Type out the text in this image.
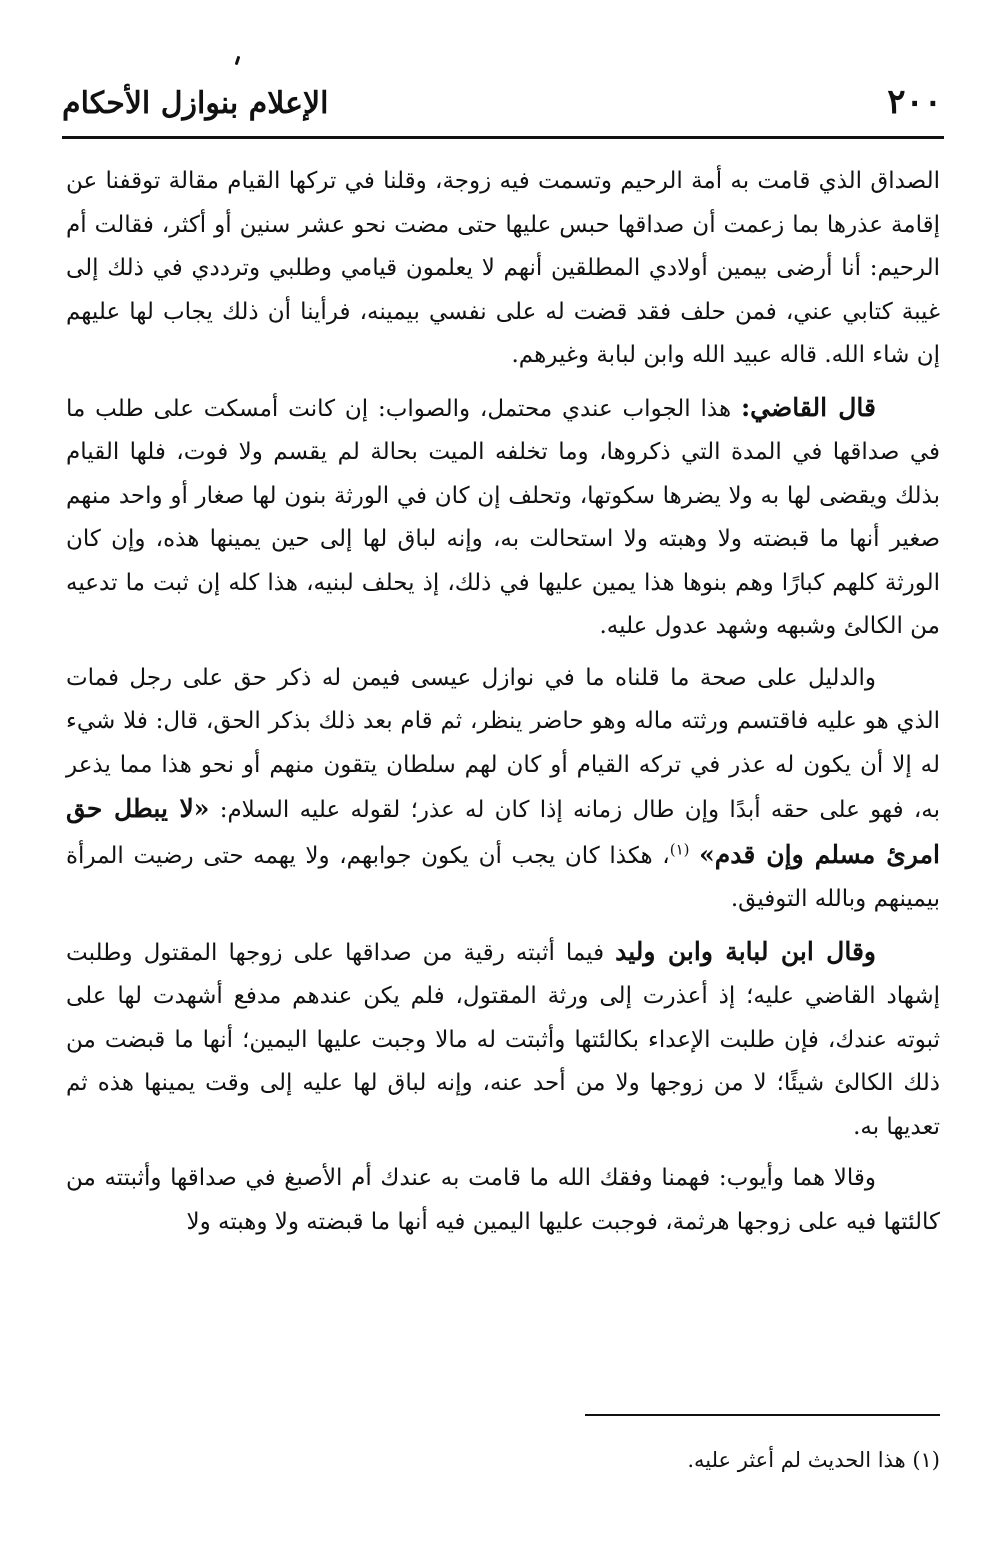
٢٠٠
الإعلام بنوازل الأحكام

الصداق الذي قامت به أمة الرحيم وتسمت فيه زوجة، وقلنا في تركها القيام مقالة توقفنا عن إقامة عذرها بما زعمت أن صداقها حبس عليها حتى مضت نحو عشر سنين أو أكثر، فقالت أم الرحيم: أنا أرضى بيمين أولادي المطلقين أنهم لا يعلمون قيامي وطلبي وترددي في ذلك إلى غيبة كتابي عني، فمن حلف فقد قضت له على نفسي بيمينه، فرأينا أن ذلك يجاب لها عليهم إن شاء الله. قاله عبيد الله وابن لبابة وغيرهم.

قال القاضي: هذا الجواب عندي محتمل، والصواب: إن كانت أمسكت على طلب ما في صداقها في المدة التي ذكروها، وما تخلفه الميت بحالة لم يقسم ولا فوت، فلها القيام بذلك ويقضى لها به ولا يضرها سكوتها، وتحلف إن كان في الورثة بنون لها صغار أو واحد منهم صغير أنها ما قبضته ولا وهبته ولا استحالت به، وإنه لباق لها إلى حين يمينها هذه، وإن كان الورثة كلهم كبارًا وهم بنوها هذا يمين عليها في ذلك، إذ يحلف لبنيه، هذا كله إن ثبت ما تدعيه من الكالئ وشبهه وشهد عدول عليه.

والدليل على صحة ما قلناه ما في نوازل عيسى فيمن له ذكر حق على رجل فمات الذي هو عليه فاقتسم ورثته ماله وهو حاضر ينظر، ثم قام بعد ذلك بذكر الحق، قال: فلا شيء له إلا أن يكون له عذر في تركه القيام أو كان لهم سلطان يتقون منهم أو نحو هذا مما يذعر به، فهو على حقه أبدًا وإن طال زمانه إذا كان له عذر؛ لقوله عليه السلام: «لا يبطل حق امرئ مسلم وإن قدم» $^{(١)}$، هكذا كان يجب أن يكون جوابهم، ولا يهمه حتى رضيت المرأة بيمينهم وبالله التوفيق.

وقال ابن لبابة وابن وليد فيما أثبته رقية من صداقها على زوجها المقتول وطلبت إشهاد القاضي عليه؛ إذ أعذرت إلى ورثة المقتول، فلم يكن عندهم مدفع أشهدت لها على ثبوته عندك، فإن طلبت الإعداء بكالئتها وأثبتت له مالا وجبت عليها اليمين؛ أنها ما قبضت من ذلك الكالئ شيئًا؛ لا من زوجها ولا من أحد عنه، وإنه لباق لها عليه إلى وقت يمينها هذه ثم تعديها به.

وقالا هما وأيوب: فهمنا وفقك الله ما قامت به عندك أم الأصبغ في صداقها وأثبتته من كالئتها فيه على زوجها هرثمة، فوجبت عليها اليمين فيه أنها ما قبضته ولا وهبته ولا

(١) هذا الحديث لم أعثر عليه.
